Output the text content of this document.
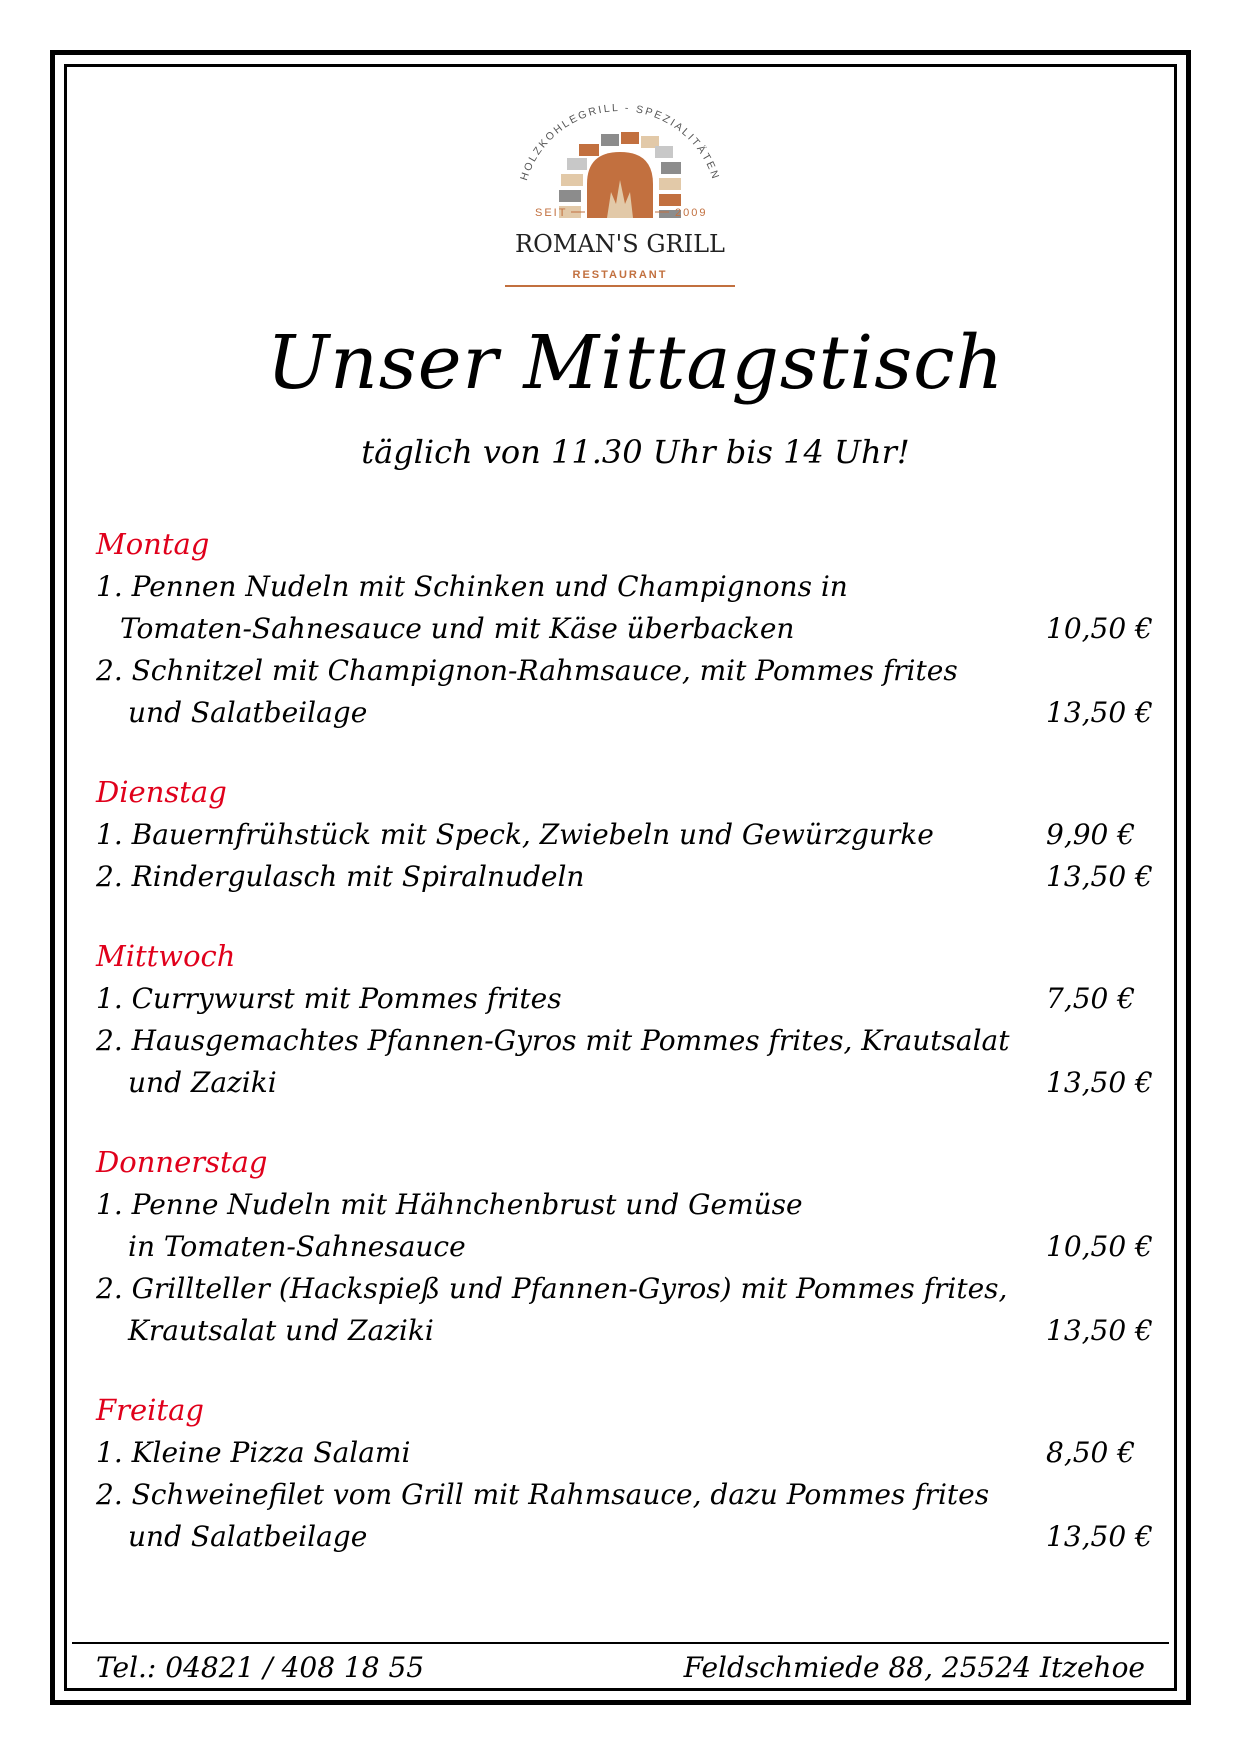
HOLZKOHLEGRILL - SPEZIALITÄTEN
SEIT	2009
ROMAN'S GRILL
RESTAURANT
Unser Mittagstisch
täglich von 11.30 Uhr bis 14 Uhr!
Montag
1. Pennen Nudeln mit Schinken und Champignons in
Tomaten-Sahnesauce und mit Käse überbacken	10,50 €
2. Schnitzel mit Champignon-Rahmsauce, mit Pommes frites
und Salatbeilage	13,50 €
Dienstag
1. Bauernfrühstück mit Speck, Zwiebeln und Gewürzgurke	9,90 €
2. Rindergulasch mit Spiralnudeln	13,50 €
Mittwoch
1. Currywurst mit Pommes frites	7,50 €
2. Hausgemachtes Pfannen-Gyros mit Pommes frites, Krautsalat
und Zaziki	13,50 €
Donnerstag
1. Penne Nudeln mit Hähnchenbrust und Gemüse
in Tomaten-Sahnesauce	10,50 €
2. Grillteller (Hackspieß und Pfannen-Gyros) mit Pommes frites,
Krautsalat und Zaziki	13,50 €
Freitag
1. Kleine Pizza Salami	8,50 €
2. Schweinefilet vom Grill mit Rahmsauce, dazu Pommes frites
und Salatbeilage	13,50 €
Tel.: 04821 / 408 18 55	Feldschmiede 88, 25524 Itzehoe
